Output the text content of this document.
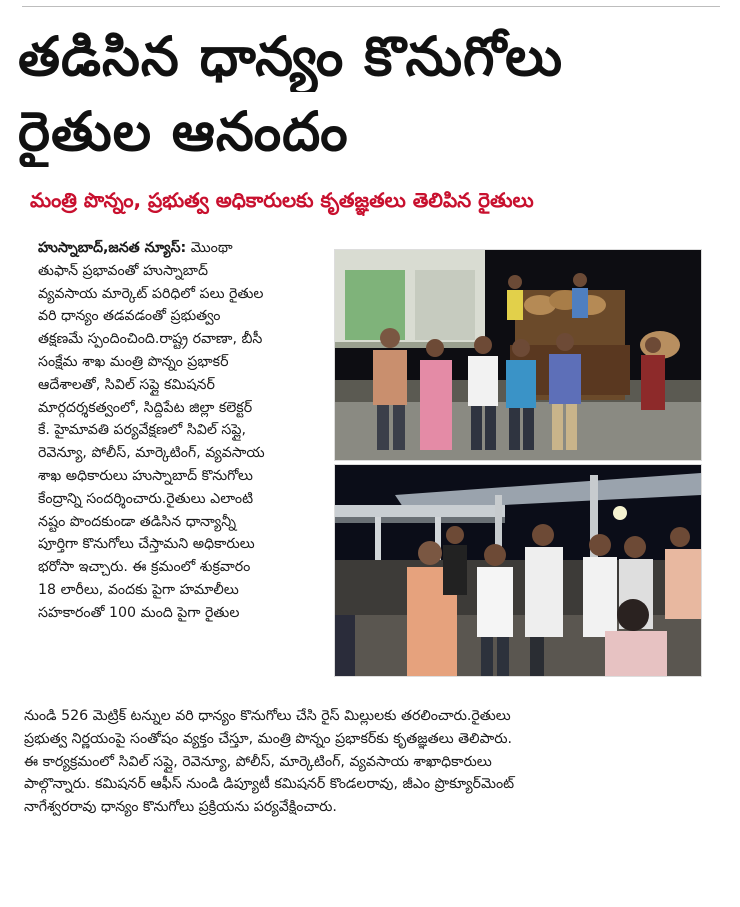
తడిసిన ధాన్యం కొనుగోలు
రైతుల ఆనందం
మంత్రి పొన్నం, ప్రభుత్వ అధికారులకు కృతజ్ఞతలు తెలిపిన రైతులు
హుస్నాబాద్,జనత న్యూస్: మొంథా
తుఫాన్ ప్రభావంతో హుస్నాబాద్
వ్యవసాయ మార్కెట్ పరిధిలో పలు రైతుల
వరి ధాన్యం తడవడంతో ప్రభుత్వం
తక్షణమే స్పందించింది.రాష్ట్ర రవాణా, బీసీ
సంక్షేమ శాఖ మంత్రి పొన్నం ప్రభాకర్
ఆదేశాలతో, సివిల్ సప్లై కమిషనర్
మార్గదర్శకత్వంలో, సిద్దిపేట జిల్లా కలెక్టర్
కే. హైమావతి పర్యవేక్షణలో సివిల్ సప్లై,
రెవెన్యూ, పోలీస్, మార్కెటింగ్, వ్యవసాయ
శాఖ అధికారులు హుస్నాబాద్ కొనుగోలు
కేంద్రాన్ని సందర్శించారు.రైతులు ఎలాంటి
నష్టం పొందకుండా తడిసిన ధాన్యాన్నీ
పూర్తిగా కొనుగోలు చేస్తామని అధికారులు
భరోసా ఇచ్చారు. ఈ క్రమంలో శుక్రవారం
18 లారీలు, వందకు పైగా హమాలీలు
సహకారంతో 100 మంది పైగా రైతుల
నుండి 526 మెట్రిక్ టన్నుల వరి ధాన్యం కొనుగోలు చేసి రైస్ మిల్లులకు తరలించారు.రైతులు
ప్రభుత్వ నిర్ణయంపై సంతోషం వ్యక్తం చేస్తూ, మంత్రి పొన్నం ప్రభాకర్‌కు కృతజ్ఞతలు తెలిపారు.
ఈ కార్యక్రమంలో సివిల్ సప్లై, రెవెన్యూ, పోలీస్, మార్కెటింగ్, వ్యవసాయ శాఖాధికారులు
పాల్గొన్నారు. కమిషనర్ ఆఫీస్ నుండి డిప్యూటీ కమిషనర్ కొండలరావు, జీఎం ప్రొక్యూర్‌మెంట్
నాగేశ్వరరావు ధాన్యం కొనుగోలు ప్రక్రియను పర్యవేక్షించారు.
